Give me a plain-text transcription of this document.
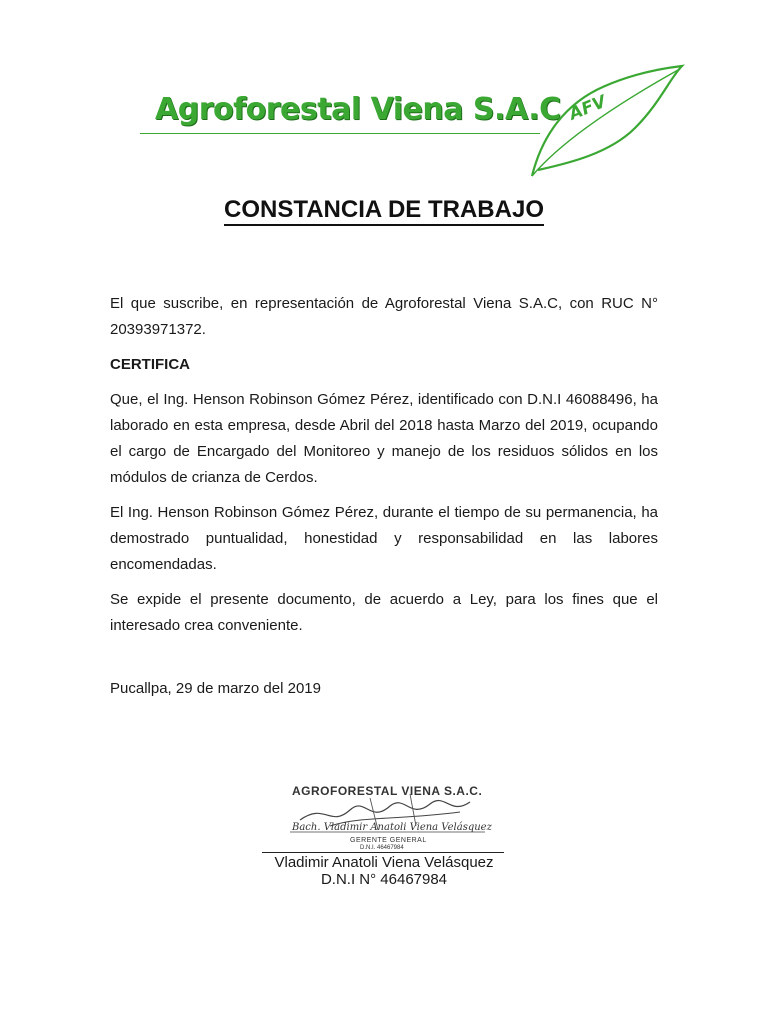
Agroforestal Viena S.A.C AFV
CONSTANCIA DE TRABAJO

El que suscribe, en representación de Agroforestal Viena S.A.C, con RUC N° 20393971372.

CERTIFICA

Que, el Ing. Henson Robinson Gómez Pérez, identificado con D.N.I 46088496, ha laborado en esta empresa, desde Abril del 2018 hasta Marzo del 2019, ocupando el cargo de Encargado del Monitoreo y manejo de los residuos sólidos en los módulos de crianza de Cerdos.

El Ing. Henson Robinson Gómez Pérez, durante el tiempo de su permanencia, ha demostrado puntualidad, honestidad y responsabilidad en las labores encomendadas.

Se expide el presente documento, de acuerdo a Ley, para los fines que el interesado crea conveniente.

Pucallpa, 29 de marzo del 2019
AGROFORESTAL VIENA S.A.C.
Bach. Vladimir Anatoli Viena Velásquez
GERENTE GENERAL
D.N.I. 46467984
Vladimir Anatoli Viena Velásquez
D.N.I N° 46467984
